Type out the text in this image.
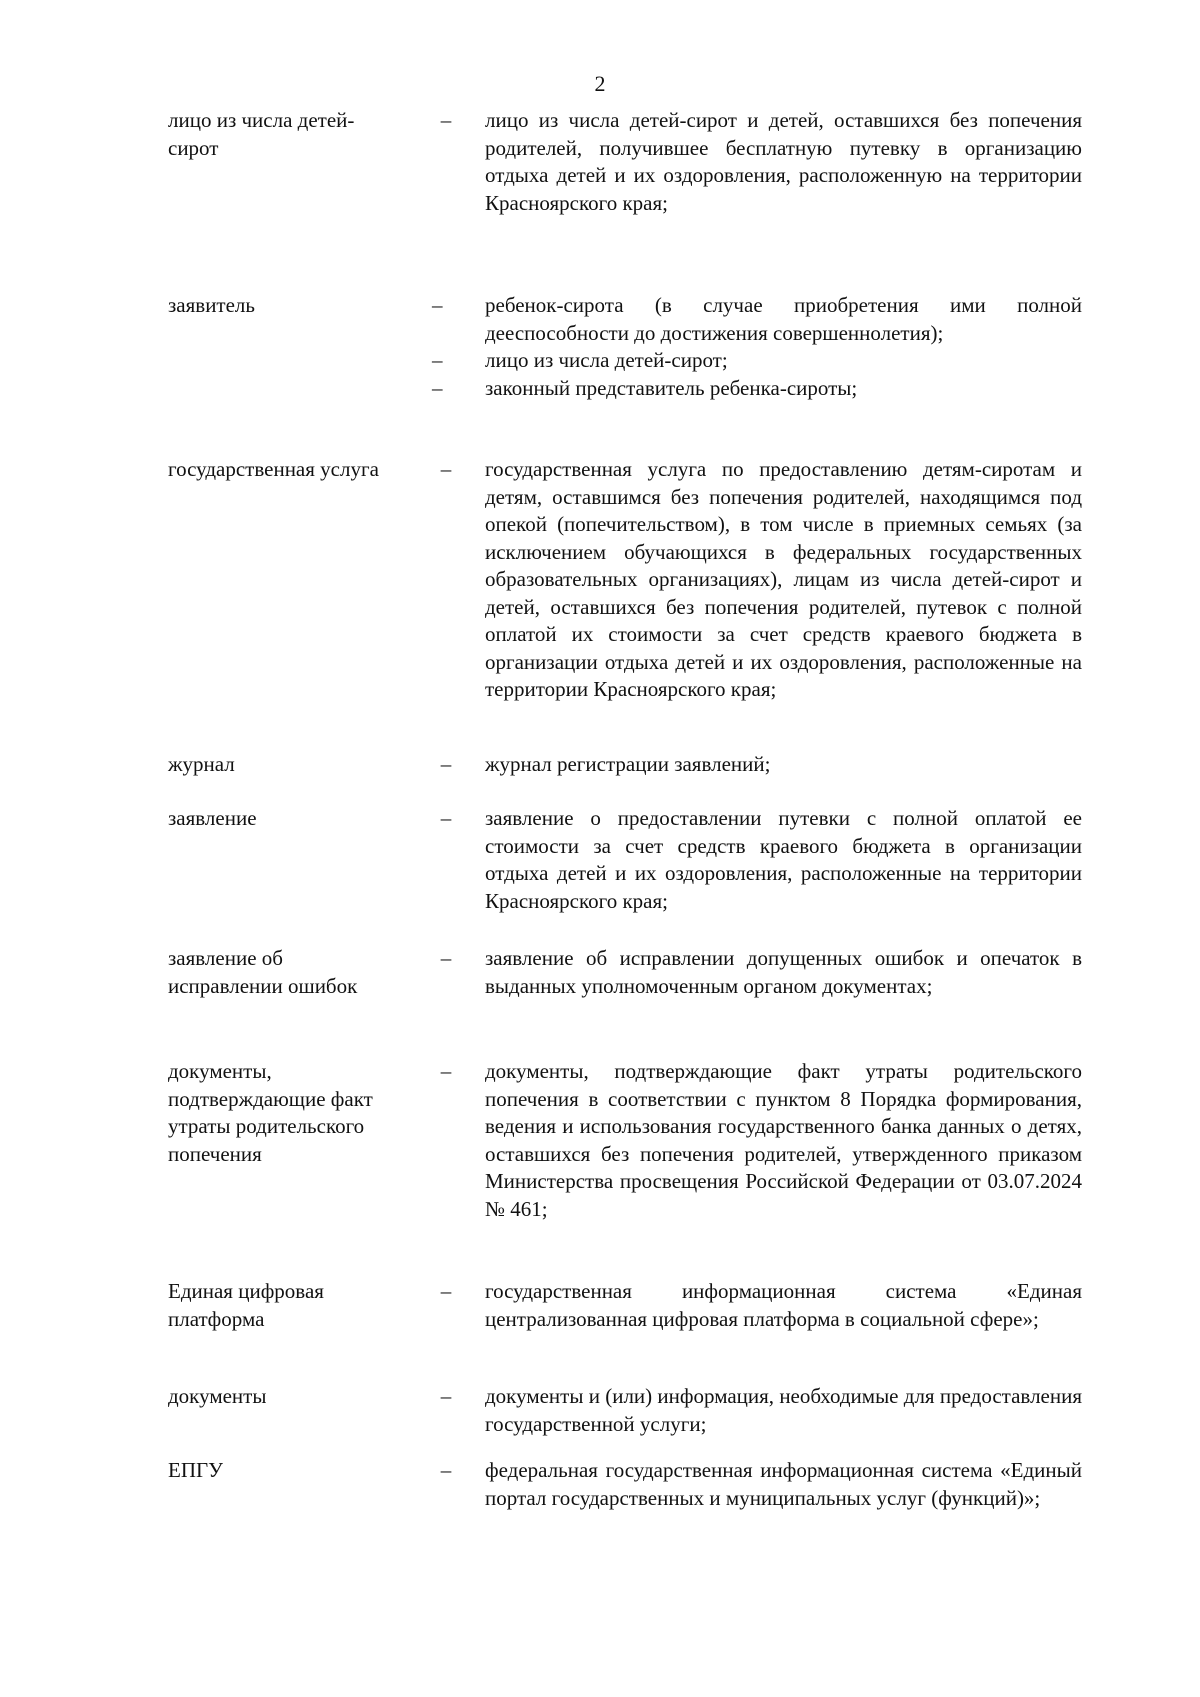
2
лицо из числа детей-
сирот
–	лицо из числа детей-сирот и детей, оставшихся без попечения родителей, получившее бесплатную путевку в организацию отдыха детей и их оздоровления, расположенную на территории Красноярского края;
заявитель	–	ребенок-сирота (в случае приобретения ими полной дееспособности до достижения совершеннолетия);
–	лицо из числа детей-сирот;
–	законный представитель ребенка-сироты;
государственная услуга	–	государственная услуга по предоставлению детям-сиротам и детям, оставшимся без попечения родителей, находящимся под опекой (попечительством), в том числе в приемных семьях (за исключением обучающихся в федеральных государственных образовательных организациях), лицам из числа детей-сирот и детей, оставшихся без попечения родителей, путевок с полной оплатой их стоимости за счет средств краевого бюджета в организации отдыха детей и их оздоровления, расположенные на территории Красноярского края;
журнал	–	журнал регистрации заявлений;
заявление	–	заявление о предоставлении путевки с полной оплатой ее стоимости за счет средств краевого бюджета в организации отдыха детей и их оздоровления, расположенные на территории Красноярского края;
заявление об
исправлении ошибок
–	заявление об исправлении допущенных ошибок и опечаток в выданных уполномоченным органом документах;
документы,
подтверждающие факт
утраты родительского
попечения
–	документы, подтверждающие факт утраты родительского попечения в соответствии с пунктом 8 Порядка формирования, ведения и использования государственного банка данных о детях, оставшихся без попечения родителей, утвержденного приказом Министерства просвещения Российской Федерации от 03.07.2024 № 461;
Единая цифровая
платформа
–	государственная информационная система «Единая централизованная цифровая платформа в социальной сфере»;
документы	–	документы и (или) информация, необходимые для предоставления государственной услуги;
ЕПГУ	–	федеральная государственная информационная система «Единый портал государственных и муниципальных услуг (функций)»;
